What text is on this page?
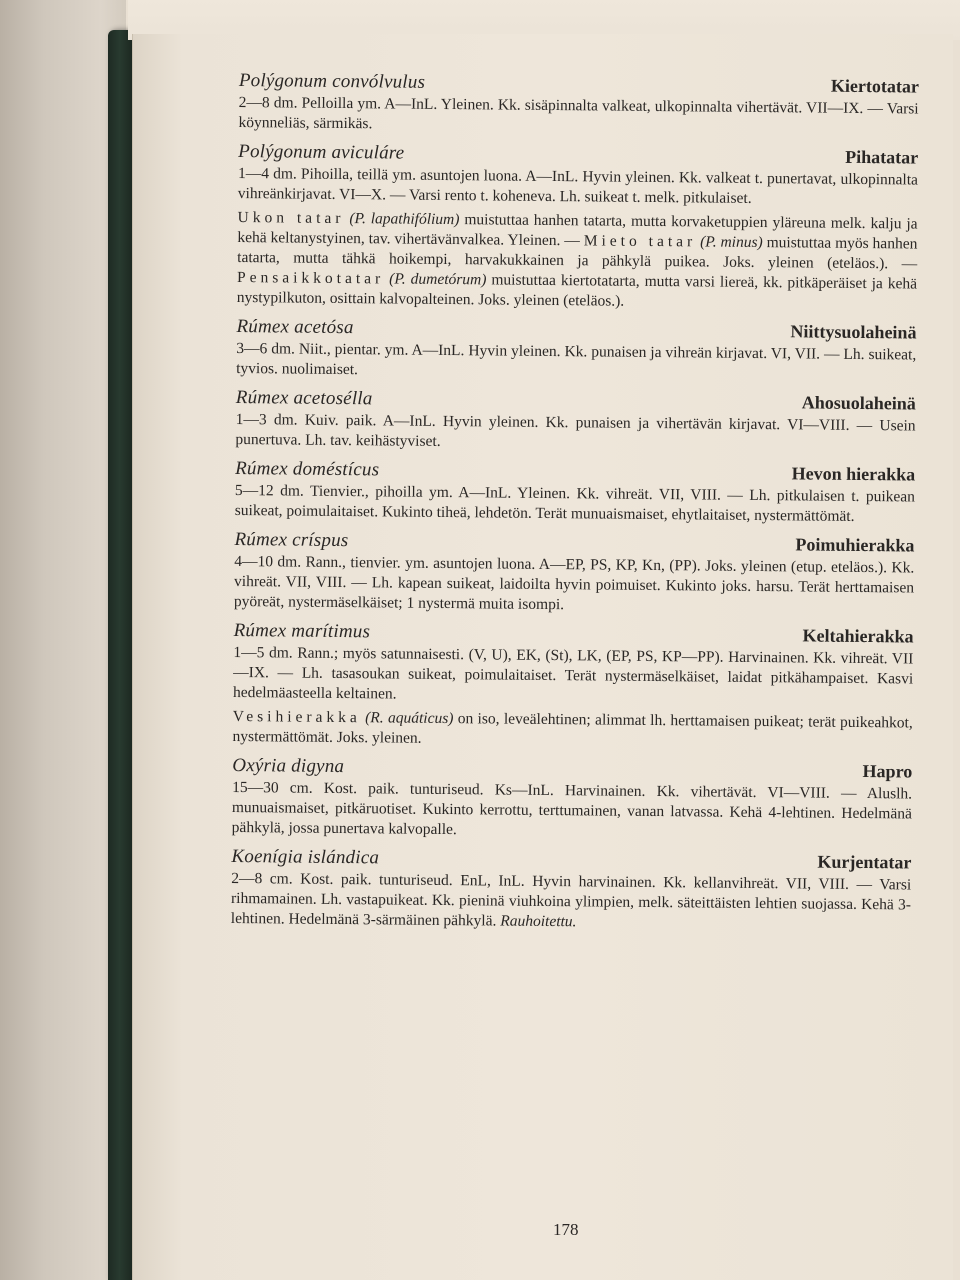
Polýgonum convólvulus	Kiertotatar

2—8 dm. Pelloilla ym. A—InL. Yleinen. Kk. sisäpinnalta valkeat, ulkopinnalta vihertävät. VII—IX. — Varsi köynneliäs, särmikäs.

Polýgonum aviculáre	Pihatatar

1—4 dm. Pihoilla, teillä ym. asuntojen luona. A—InL. Hyvin yleinen. Kk. valkeat t. punertavat, ulkopinnalta vihreänkirjavat. VI—X. — Varsi rento t. koheneva. Lh. suikeat t. melk. pitkulaiset.

Ukon tatar (P. lapathifólium) muistuttaa hanhen tatarta, mutta korvaketuppien yläreuna melk. kalju ja kehä keltanystyinen, tav. vihertävänvalkea. Yleinen. — Mieto tatar (P. minus) muistuttaa myös hanhen tatarta, mutta tähkä hoikempi, harvakukkainen ja pähkylä puikea. Joks. yleinen (eteläos.). — Pensaikkotatar (P. dumetórum) muistuttaa kiertotatarta, mutta varsi liereä, kk. pitkäperäiset ja kehä nystypilkuton, osittain kalvopalteinen. Joks. yleinen (eteläos.).
Rúmex acetósa	Niittysuolaheinä

3—6 dm. Niit., pientar. ym. A—InL. Hyvin yleinen. Kk. punaisen ja vihreän kirjavat. VI, VII. — Lh. suikeat, tyvios. nuolimaiset.

Rúmex acetoséllа	Ahosuolaheinä

1—3 dm. Kuiv. paik. A—InL. Hyvin yleinen. Kk. punaisen ja vihertävän kirjavat. VI—VIII. — Usein punertuva. Lh. tav. keihästyviset.

Rúmex doméstícus	Hevon hierakka

5—12 dm. Tienvier., pihoilla ym. A—InL. Yleinen. Kk. vihreät. VII, VIII. — Lh. pitkulaisen t. puikean suikeat, poimulaitaiset. Kukinto tiheä, lehdetön. Terät munuaismaiset, ehytlaitaiset, nystermättömät.

Rúmex críspus	Poimuhierakka

4—10 dm. Rann., tienvier. ym. asuntojen luona. A—EP, PS, KP, Kn, (PP). Joks. yleinen (etup. eteläos.). Kk. vihreät. VII, VIII. — Lh. kapean suikeat, laidoilta hyvin poimuiset. Kukinto joks. harsu. Terät herttamaisen pyöreät, nystermäselkäiset; 1 nystermä muita isompi.

Rúmex marítimus	Keltahierakka

1—5 dm. Rann.; myös satunnaisesti. (V, U), EK, (St), LK, (EP, PS, KP—PP). Harvinainen. Kk. vihreät. VII—IX. — Lh. tasasoukan suikeat, poimulaitaiset. Terät nystermäselkäiset, laidat pitkähampaiset. Kasvi hedelmäasteella keltainen.

Vesihierakka (R. aquáticus) on iso, leveälehtinen; alimmat lh. herttamaisen puikeat; terät puikeahkot, nystermättömät. Joks. yleinen.
Oxýria digyna	Hapro

15—30 cm. Kost. paik. tunturiseud. Ks—InL. Harvinainen. Kk. vihertävät. VI—VIII. — Aluslh. munuaismaiset, pitkäruotiset. Kukinto kerrottu, terttumainen, vanan latvassa. Kehä 4-lehtinen. Hedelmänä pähkylä, jossa punertava kalvopalle.

Koenígia islándica	Kurjentatar

2—8 cm. Kost. paik. tunturiseud. EnL, InL. Hyvin harvinainen. Kk. kellanvihreät. VII, VIII. — Varsi rihmamainen. Lh. vastapuikeat. Kk. pieninä viuhkoina ylimpien, melk. säteittäisten lehtien suojassa. Kehä 3-lehtinen. Hedelmänä 3-särmäinen pähkylä. Rauhoitettu.

178
